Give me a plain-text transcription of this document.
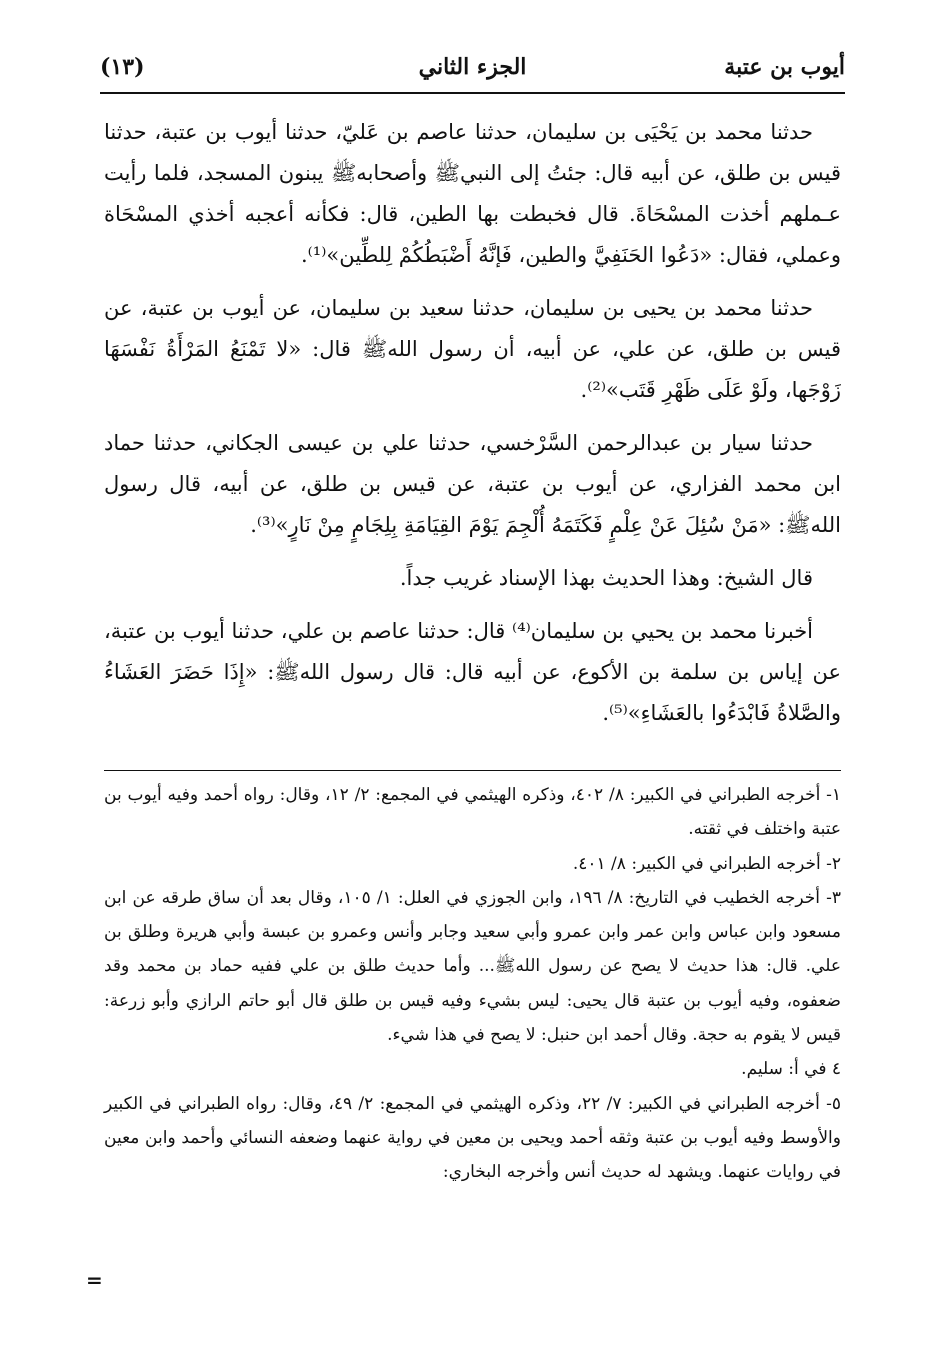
أيوب بن عتبة
الجزء الثاني
(١٣)

حدثنا محمد بن يَحْيَى بن سليمان، حدثنا عاصم بن عَليّ، حدثنا أيوب بن عتبة، حدثنا قيس بن طلق، عن أبيه قال: جئتُ إلى النبيﷺ وأصحابهﷺ يبنون المسجد، فلما رأيت عـملهم أخذت المسْحَاةَ. قال فخبطت بها الطين، قال: فكأنه أعجبه أخذي المسْحَاة وعملي، فقال: «دَعُوا الحَنَفِيَّ والطين، فَإنَّهُ أَضْبَطُكُمْ لِلطِّين»⁽¹⁾.

حدثنا محمد بن يحيى بن سليمان، حدثنا سعيد بن سليمان، عن أيوب بن عتبة، عن قيس بن طلق، عن علي، عن أبيه، أن رسول اللهﷺ قال: «لا تَمْنَعُ المَرْأَةُ نَفْسَهَا زَوْجَها، ولَوْ عَلَى ظَهْرِ قَتَب»⁽²⁾.

حدثنا سيار بن عبدالرحمن السَّرْخسي، حدثنا علي بن عيسى الجكاني، حدثنا حماد ابن محمد الفزاري، عن أيوب بن عتبة، عن قيس بن طلق، عن أبيه، قال رسول اللهﷺ: «مَنْ سُئِلَ عَنْ عِلْمٍ فَكَتَمَهُ أُلْجِمَ يَوْمَ القِيَامَةِ بِلِجَامٍ مِنْ نَارٍ»⁽³⁾.

قال الشيخ: وهذا الحديث بهذا الإسناد غريب جداً.

أخبرنا محمد بن يحيي بن سليمان⁽⁴⁾ قال: حدثنا عاصم بن علي، حدثنا أيوب بن عتبة، عن إياس بن سلمة بن الأكوع، عن أبيه قال: قال رسول اللهﷺ: «إِذَا حَضَرَ العَشَاءُ والصَّلاةُ فَابْدَءُوا بالعَشَاءِ»⁽⁵⁾.

١- أخرجه الطبراني في الكبير: ٨/ ٤٠٢، وذكره الهيثمي في المجمع: ٢/ ١٢، وقال: رواه أحمد وفيه أيوب بن عتبة واختلف في ثقته.

٢- أخرجه الطبراني في الكبير: ٨/ ٤٠١.

٣- أخرجه الخطيب في التاريخ: ٨/ ١٩٦، وابن الجوزي في العلل: ١/ ١٠٥، وقال بعد أن ساق طرقه عن ابن مسعود وابن عباس وابن عمر وابن عمرو وأبي سعيد وجابر وأنس وعمرو بن عبسة وأبي هريرة وطلق بن علي. قال: هذا حديث لا يصح عن رسول اللهﷺ... وأما حديث طلق بن علي ففيه حماد بن محمد وقد ضعفوه، وفيه أيوب بن عتبة قال يحيى: ليس بشيء وفيه قيس بن طلق قال أبو حاتم الرازي وأبو زرعة: قيس لا يقوم به حجة. وقال أحمد ابن حنبل: لا يصح في هذا شيء.

٤ في أ: سليم.

٥- أخرجه الطبراني في الكبير: ٧/ ٢٢، وذكره الهيثمي في المجمع: ٢/ ٤٩، وقال: رواه الطبراني في الكبير والأوسط وفيه أيوب بن عتبة وثقه أحمد ويحيى بن معين في رواية عنهما وضعفه النسائي وأحمد وابن معين في روايات عنهما. ويشهد له حديث أنس وأخرجه البخاري:

=
